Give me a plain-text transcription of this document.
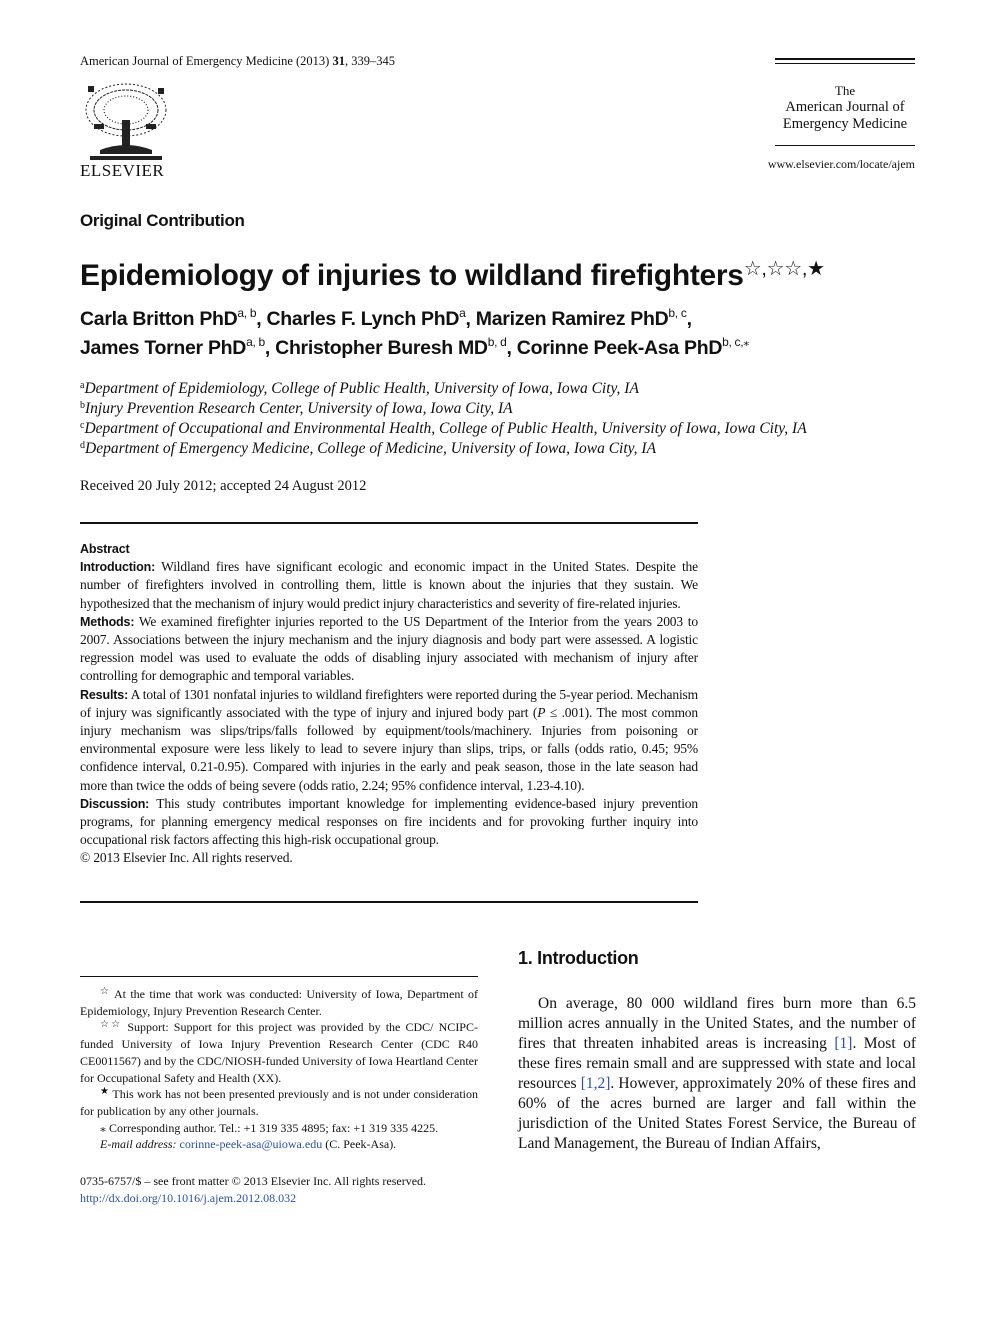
American Journal of Emergency Medicine (2013) 31, 339–345
ELSEVIER
The
American Journal of
Emergency Medicine
www.elsevier.com/locate/ajem
Original Contribution
Epidemiology of injuries to wildland firefighters☆,☆☆,★
Carla Britton PhD$^{a, b}$, Charles F. Lynch PhD$^a$, Marizen Ramirez PhD$^{b, c}$,
James Torner PhD$^{a, b}$, Christopher Buresh MD$^{b, d}$, Corinne Peek-Asa PhD$^{b, c,⁎}$
$^a$Department of Epidemiology, College of Public Health, University of Iowa, Iowa City, IA
$^b$Injury Prevention Research Center, University of Iowa, Iowa City, IA
$^c$Department of Occupational and Environmental Health, College of Public Health, University of Iowa, Iowa City, IA
$^d$Department of Emergency Medicine, College of Medicine, University of Iowa, Iowa City, IA
Received 20 July 2012; accepted 24 August 2012

Abstract

Introduction: Wildland fires have significant ecologic and economic impact in the United States. Despite the number of firefighters involved in controlling them, little is known about the injuries that they sustain. We hypothesized that the mechanism of injury would predict injury characteristics and severity of fire-related injuries.

Methods: We examined firefighter injuries reported to the US Department of the Interior from the years 2003 to 2007. Associations between the injury mechanism and the injury diagnosis and body part were assessed. A logistic regression model was used to evaluate the odds of disabling injury associated with mechanism of injury after controlling for demographic and temporal variables.

Results: A total of 1301 nonfatal injuries to wildland firefighters were reported during the 5-year period. Mechanism of injury was significantly associated with the type of injury and injured body part (P ≤ .001). The most common injury mechanism was slips/trips/falls followed by equipment/tools/machinery. Injuries from poisoning or environmental exposure were less likely to lead to severe injury than slips, trips, or falls (odds ratio, 0.45; 95% confidence interval, 0.21-0.95). Compared with injuries in the early and peak season, those in the late season had more than twice the odds of being severe (odds ratio, 2.24; 95% confidence interval, 1.23-4.10).

Discussion: This study contributes important knowledge for implementing evidence-based injury prevention programs, for planning emergency medical responses on fire incidents and for provoking further inquiry into occupational risk factors affecting this high-risk occupational group.

© 2013 Elsevier Inc. All rights reserved.

☆ At the time that work was conducted: University of Iowa, Department of Epidemiology, Injury Prevention Research Center.

☆☆ Support: Support for this project was provided by the CDC/ NCIPC-funded University of Iowa Injury Prevention Research Center (CDC R40 CE0011567) and by the CDC/NIOSH-funded University of Iowa Heartland Center for Occupational Safety and Health (XX).

★ This work has not been presented previously and is not under consideration for publication by any other journals.

⁎ Corresponding author. Tel.: +1 319 335 4895; fax: +1 319 335 4225.

E-mail address: corinne-peek-asa@uiowa.edu (C. Peek-Asa).

0735-6757/$ – see front matter © 2013 Elsevier Inc. All rights reserved.
http://dx.doi.org/10.1016/j.ajem.2012.08.032
1. Introduction

On average, 80 000 wildland fires burn more than 6.5 million acres annually in the United States, and the number of fires that threaten inhabited areas is increasing [1]. Most of these fires remain small and are suppressed with state and local resources [1,2]. However, approximately 20% of these fires and 60% of the acres burned are larger and fall within the jurisdiction of the United States Forest Service, the Bureau of Land Management, the Bureau of Indian Affairs,
